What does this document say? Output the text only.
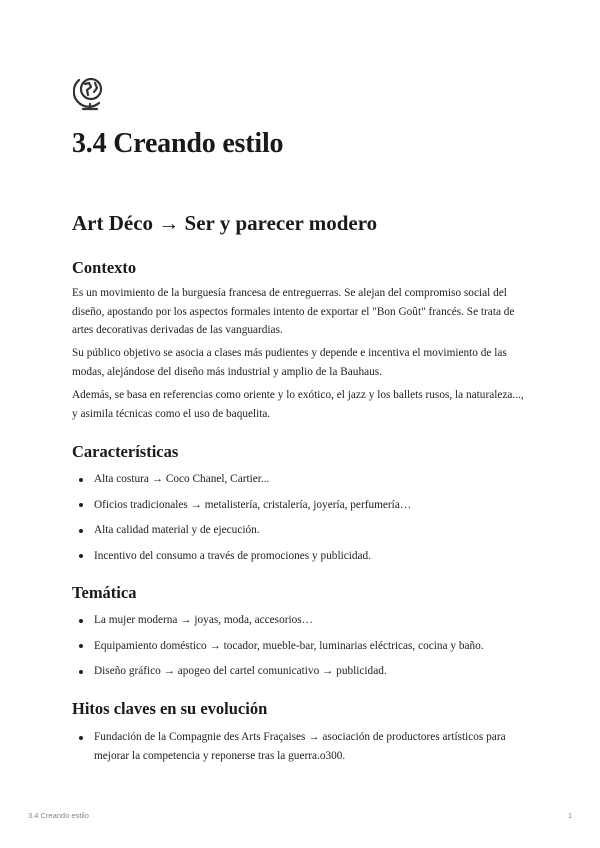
3.4 Creando estilo
Art Déco → Ser y parecer modero
Contexto

Es un movimiento de la burguesía francesa de entreguerras. Se alejan del compromiso social del diseño, apostando por los aspectos formales intento de exportar el "Bon Goût" francés. Se trata de artes decorativas derivadas de las vanguardias.

Su público objetivo se asocia a clases más pudientes y depende e incentiva el movimiento de las modas, alejándose del diseño más industrial y amplio de la Bauhaus.

Además, se basa en referencias como oriente y lo exótico, el jazz y los ballets rusos, la naturaleza..., y asimila técnicas como el uso de baquelita.

Características
Alta costura → Coco Chanel, Cartier...
Oficios tradicionales → metalistería, cristalería, joyería, perfumería…
Alta calidad material y de ejecución.
Incentivo del consumo a través de promociones y publicidad.
Temática
La mujer moderna → joyas, moda, accesorios…
Equipamiento doméstico → tocador, mueble-bar, luminarias eléctricas, cocina y baño.
Diseño gráfico → apogeo del cartel comunicativo → publicidad.
Hitos claves en su evolución
Fundación de la Compagnie des Arts Fraçaises → asociación de productores artísticos para mejorar la competencia y reponerse tras la guerra.o300.
3.4 Creando estilo	1
